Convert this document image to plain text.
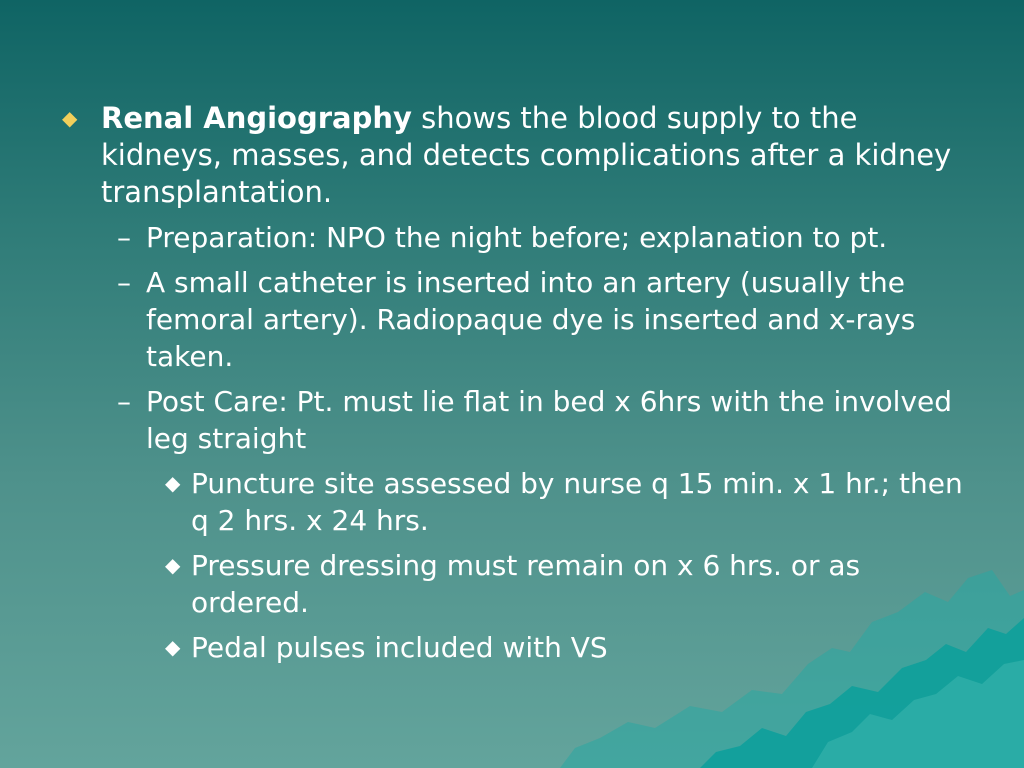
◆ Renal Angiography shows the blood supply to the kidneys, masses, and detects complications after a kidney transplantation.
– Preparation: NPO the night before; explanation to pt.
– A small catheter is inserted into an artery (usually the femoral artery). Radiopaque dye is inserted and x-rays taken.
– Post Care: Pt. must lie flat in bed x 6hrs with the involved leg straight
◆ Puncture site assessed by nurse q 15 min. x 1 hr.; then q 2 hrs. x 24 hrs.
◆ Pressure dressing must remain on x 6 hrs. or as ordered.
◆ Pedal pulses included with VS
